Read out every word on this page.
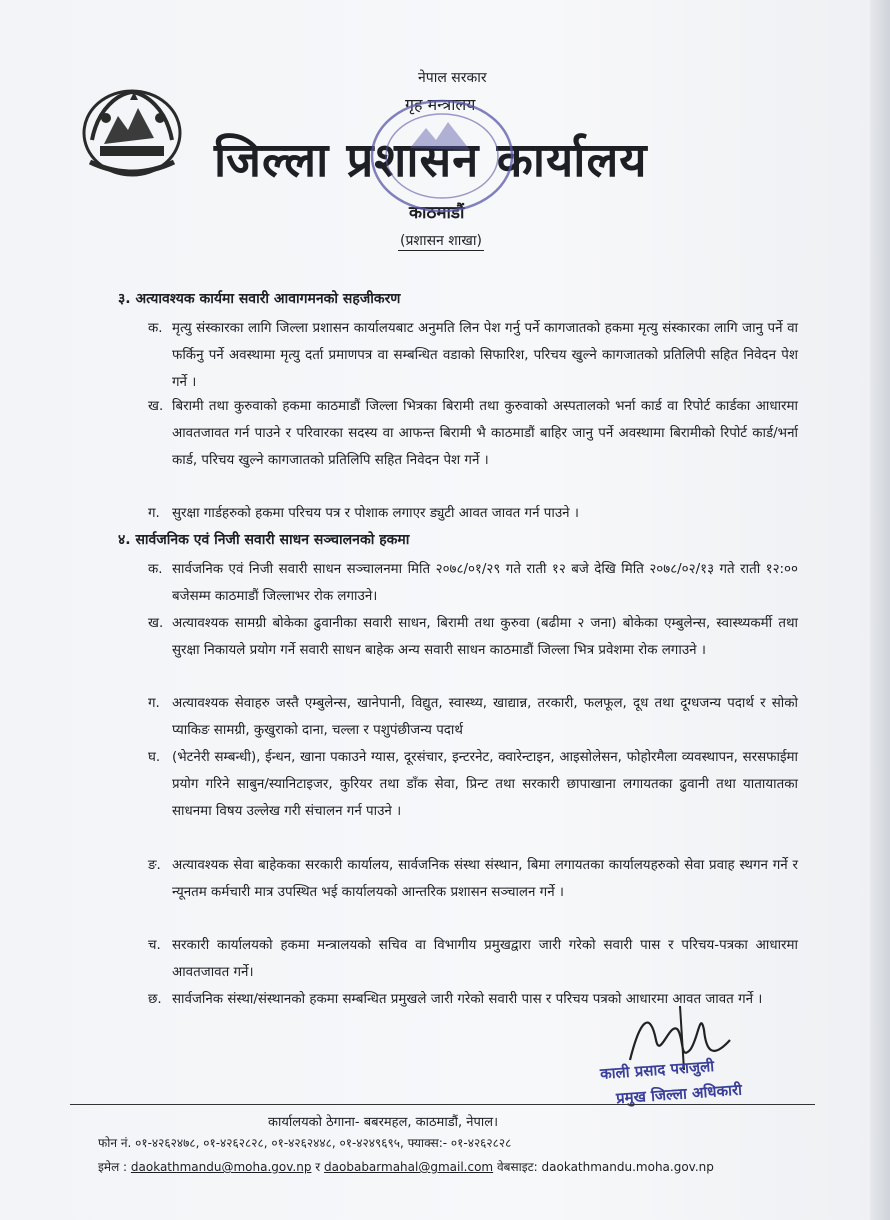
नेपाल सरकार
गृह मन्त्रालय
जिल्ला प्रशासन कार्यालय
काठमाडौं
(प्रशासन शाखा)
३. अत्यावश्यक कार्यमा सवारी आवागमनको सहजीकरण
क. मृत्यु संस्कारका लागि जिल्ला प्रशासन कार्यालयबाट अनुमति लिन पेश गर्नु पर्ने कागजातको हकमा मृत्यु संस्कारका लागि जानु पर्ने वा फर्किनु पर्ने अवस्थामा मृत्यु दर्ता प्रमाणपत्र वा सम्बन्धित वडाको सिफारिश, परिचय खुल्ने कागजातको प्रतिलिपी सहित निवेदन पेश गर्ने ।
ख. बिरामी तथा कुरुवाको हकमा काठमाडौं जिल्ला भित्रका बिरामी तथा कुरुवाको अस्पतालको भर्ना कार्ड वा रिपोर्ट कार्डका आधारमा आवतजावत गर्न पाउने र परिवारका सदस्य वा आफन्त बिरामी भै काठमाडौं बाहिर जानु पर्ने अवस्थामा बिरामीको रिपोर्ट कार्ड/भर्ना कार्ड, परिचय खुल्ने कागजातको प्रतिलिपि सहित निवेदन पेश गर्ने ।
ग. सुरक्षा गार्डहरुको हकमा परिचय पत्र र पोशाक लगाएर ड्युटी आवत जावत गर्न पाउने ।
४. सार्वजनिक एवं निजी सवारी साधन सञ्चालनको हकमा
क. सार्वजनिक एवं निजी सवारी साधन सञ्चालनमा मिति २०७८/०१/२९ गते राती १२ बजे देखि मिति २०७८/०२/१३ गते राती १२:०० बजेसम्म काठमाडौं जिल्लाभर रोक लगाउने।
ख. अत्यावश्यक सामग्री बोकेका ढुवानीका सवारी साधन, बिरामी तथा कुरुवा (बढीमा २ जना) बोकेका एम्बुलेन्स, स्वास्थ्यकर्मी तथा सुरक्षा निकायले प्रयोग गर्ने सवारी साधन बाहेक अन्य सवारी साधन काठमाडौं जिल्ला भित्र प्रवेशमा रोक लगाउने ।
ग. अत्यावश्यक सेवाहरु जस्तै एम्बुलेन्स, खानेपानी, विद्युत, स्वास्थ्य, खाद्यान्न, तरकारी, फलफूल, दूध तथा दूग्धजन्य पदार्थ र सोको प्याकिङ सामग्री, कुखुराको दाना, चल्ला र पशुपंछीजन्य पदार्थ
घ. (भेटनेरी सम्बन्धी), ईन्धन, खाना पकाउने ग्यास, दूरसंचार, इन्टरनेट, क्वारेन्टाइन, आइसोलेसन, फोहोरमैला व्यवस्थापन, सरसफाईमा प्रयोग गरिने साबुन/स्यानिटाइजर, कुरियर तथा डाँक सेवा, प्रिन्ट तथा सरकारी छापाखाना लगायतका ढुवानी तथा यातायातका साधनमा विषय उल्लेख गरी संचालन गर्न पाउने ।
ङ. अत्यावश्यक सेवा बाहेकका सरकारी कार्यालय, सार्वजनिक संस्था संस्थान, बिमा लगायतका कार्यालयहरुको सेवा प्रवाह स्थगन गर्ने र न्यूनतम कर्मचारी मात्र उपस्थित भई कार्यालयको आन्तरिक प्रशासन सञ्चालन गर्ने ।
च. सरकारी कार्यालयको हकमा मन्त्रालयको सचिव वा विभागीय प्रमुखद्वारा जारी गरेको सवारी पास र परिचय-पत्रका आधारमा आवतजावत गर्ने।
छ. सार्वजनिक संस्था/संस्थानको हकमा सम्बन्धित प्रमुखले जारी गरेको सवारी पास र परिचय पत्रको आधारमा आवत जावत गर्ने ।
काली प्रसाद पराजुली
प्रमुख जिल्ला अधिकारी
कार्यालयको ठेगाना- बबरमहल, काठमाडौं, नेपाल।
फोन नं. ०१-४२६२४७८, ०१-४२६२८२८, ०१-४२६२४४८, ०१-४२४९६९५, फ्याक्स:- ०१-४२६२८२८
इमेल : daokathmandu@moha.gov.np र daobabarmahal@gmail.com वेबसाइट: daokathmandu.moha.gov.np
